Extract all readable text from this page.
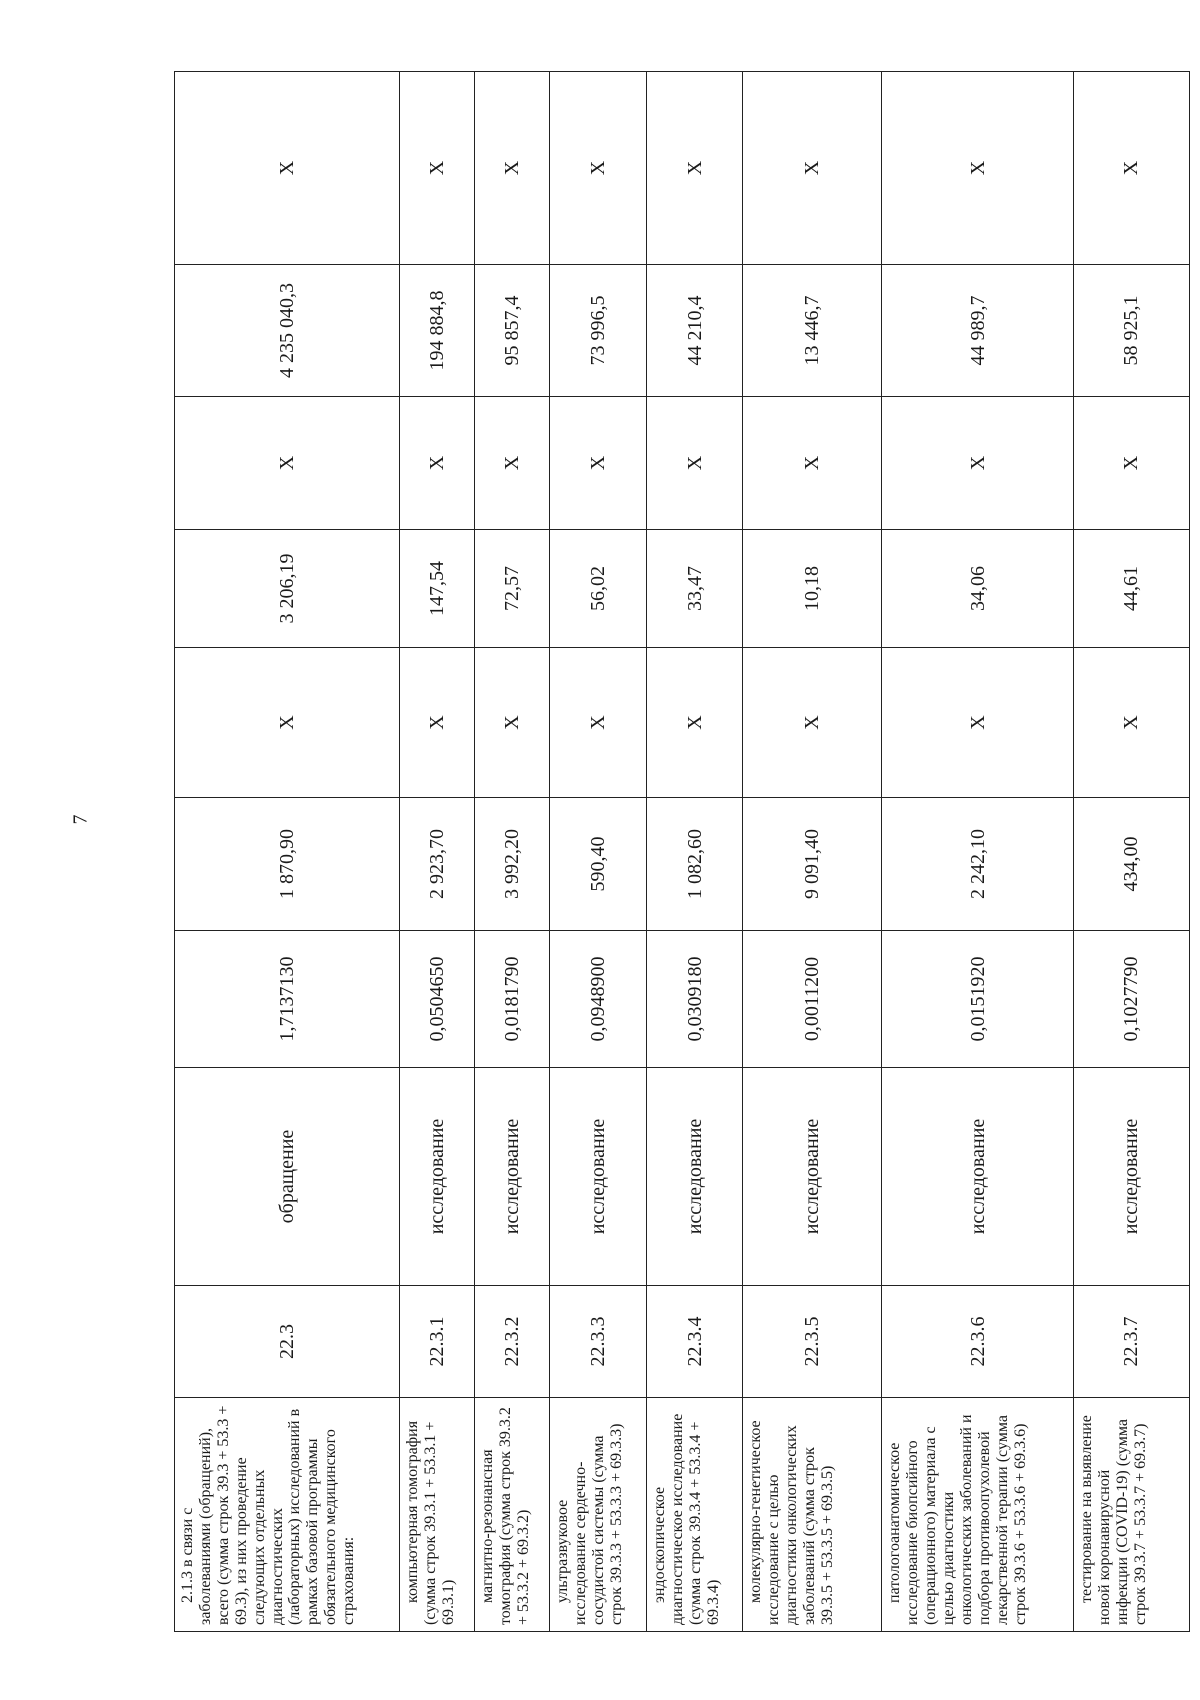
7
2.1.3 в связи с заболеваниями (обращений), всего (сумма строк 39.3 + 53.3 + 69.3), из них проведение следующих отдельных диагностических (лабораторных) исследований в рамках базовой программы обязательного медицинского страхования:	22.3	обращение	1,7137130	1 870,90	X	3 206,19	X	4 235 040,3	X
компьютерная томография (сумма строк 39.3.1 + 53.3.1 + 69.3.1)	22.3.1	исследование	0,0504650	2 923,70	X	147,54	X	194 884,8	X
магнитно-резонансная томография (сумма строк 39.3.2 + 53.3.2 + 69.3.2)	22.3.2	исследование	0,0181790	3 992,20	X	72,57	X	95 857,4	X
ультразвуковое исследование сердечно-сосудистой системы (сумма строк 39.3.3 + 53.3.3 + 69.3.3)	22.3.3	исследование	0,0948900	590,40	X	56,02	X	73 996,5	X
эндоскопическое диагностическое исследование (сумма строк 39.3.4 + 53.3.4 + 69.3.4)	22.3.4	исследование	0,0309180	1 082,60	X	33,47	X	44 210,4	X
молекулярно-генетическое исследование с целью диагностики онкологических заболеваний (сумма строк 39.3.5 + 53.3.5 + 69.3.5)	22.3.5	исследование	0,0011200	9 091,40	X	10,18	X	13 446,7	X
патологоанатомическое исследование биопсийного (операционного) материала с целью диагностики онкологических заболеваний и подбора противоопухолевой лекарственной терапии (сумма строк 39.3.6 + 53.3.6 + 69.3.6)	22.3.6	исследование	0,0151920	2 242,10	X	34,06	X	44 989,7	X
тестирование на выявление новой коронавирусной инфекции (COVID-19) (сумма строк 39.3.7 + 53.3.7 + 69.3.7)	22.3.7	исследование	0,1027790	434,00	X	44,61	X	58 925,1	X
